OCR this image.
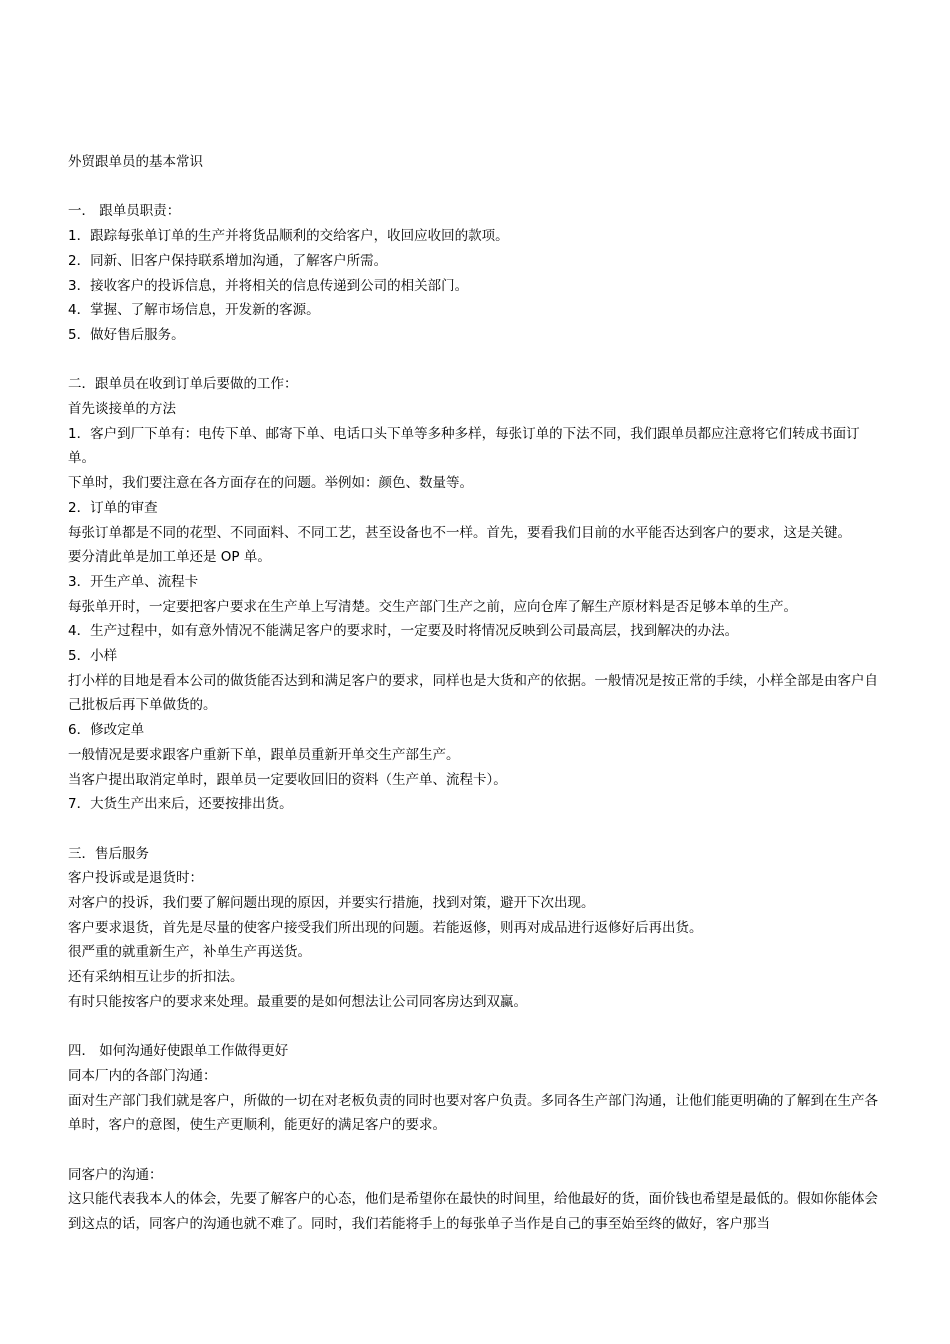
外贸跟单员的基本常识
一． 跟单员职责：
1．跟踪每张单订单的生产并将货品顺利的交给客户，收回应收回的款项。
2．同新、旧客户保持联系增加沟通，了解客户所需。
3．接收客户的投诉信息，并将相关的信息传递到公司的相关部门。
4．掌握、了解市场信息，开发新的客源。
5．做好售后服务。
二．跟单员在收到订单后要做的工作：
首先谈接单的方法
1．客户到厂下单有：电传下单、邮寄下单、电话口头下单等多种多样，每张订单的下法不同，我们跟单员都应注意将它们转成书面订单。
下单时，我们要注意在各方面存在的问题。举例如：颜色、数量等。
2．订单的审查
每张订单都是不同的花型、不同面料、不同工艺，甚至设备也不一样。首先，要看我们目前的水平能否达到客户的要求，这是关键。
要分清此单是加工单还是 OP 单。
3．开生产单、流程卡
每张单开时，一定要把客户要求在生产单上写清楚。交生产部门生产之前，应向仓库了解生产原材料是否足够本单的生产。
4．生产过程中，如有意外情况不能满足客户的要求时，一定要及时将情况反映到公司最高层，找到解决的办法。
5．小样
打小样的目地是看本公司的做货能否达到和满足客户的要求，同样也是大货和产的依据。一般情况是按正常的手续，小样全部是由客户自己批板后再下单做货的。
6．修改定单
一般情况是要求跟客户重新下单，跟单员重新开单交生产部生产。
当客户提出取消定单时，跟单员一定要收回旧的资料（生产单、流程卡）。
7．大货生产出来后，还要按排出货。
三．售后服务
客户投诉或是退货时：
对客户的投诉，我们要了解问题出现的原因，并要实行措施，找到对策，避开下次出现。
客户要求退货，首先是尽量的使客户接受我们所出现的问题。若能返修，则再对成品进行返修好后再出货。
很严重的就重新生产，补单生产再送货。
还有采纳相互让步的折扣法。
有时只能按客户的要求来处理。最重要的是如何想法让公司同客房达到双赢。
四． 如何沟通好使跟单工作做得更好
同本厂内的各部门沟通：
面对生产部门我们就是客户，所做的一切在对老板负责的同时也要对客户负责。多同各生产部门沟通，让他们能更明确的了解到在生产各单时，客户的意图，使生产更顺利，能更好的满足客户的要求。
同客户的沟通：
这只能代表我本人的体会，先要了解客户的心态，他们是希望你在最快的时间里，给他最好的货，面价钱也希望是最低的。假如你能体会到这点的话，同客户的沟通也就不难了。同时，我们若能将手上的每张单子当作是自己的事至始至终的做好，客户那当
